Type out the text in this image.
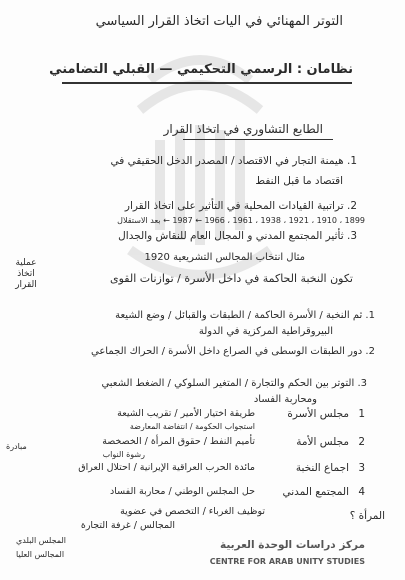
التوتر المهنائي في اليات اتخاذ القرار السياسي
نظامان : الرسمي التحكيمي — القبلي التضامني
الطابع التشاوري في اتخاذ القرار
1. هيمنة التجار في الاقتصاد / المصدر الدخل الحقيقي في
اقتصاد ما قبل النفط
2. تراتبية القيادات المحلية في التأثير على اتخاذ القرار
1899 ، 1910 ، 1921 ، 1938 ، 1961 ، 1966 ← 1987 ← بعد الاستقلال
3. ثأثير المجتمع المدني و المجال العام للنقاش والجدال
مثال انتخاب المجالس التشريعية 1920
تكون النخبة الحاكمة في داخل الأسرة / توازنات القوى
عملية اتخاذ القرار
1. ثم النخبة / الأسرة الحاكمة / الطبقات والقبائل / وضع الشيعة
البيروقراطية المركزية في الدولة
2. دور الطبقات الوسطى في الصراع داخل الأسرة / الحراك الجماعي
3. التوتر بين الحكم والتجارة / المتغير السلوكي / الضغط الشعبي
ومحاربة الفساد
1
مجلس الأسرة
2
مجلس الأمة
3
اجماع النخبة
4
المجتمع المدني
طريقة اختيار الأمير / تقريب الشيعة
استجواب الحكومة / انتفاضة المعارضة
تأميم النفط / حقوق المرأة / الخصخصة
رشوة النواب
مائدة الحرب العراقية الإيرانية / احتلال العراق
مبادرة
حل المجلس الوطني / محاربة الفساد
توظيف الغرباء / التخصص في عضوية
المجالس / غرفة التجارة
المجلس البلدي
المجالس العليا
المرأة ؟
مركز دراسات الوحدة العربية
CENTRE FOR ARAB UNITY STUDIES
